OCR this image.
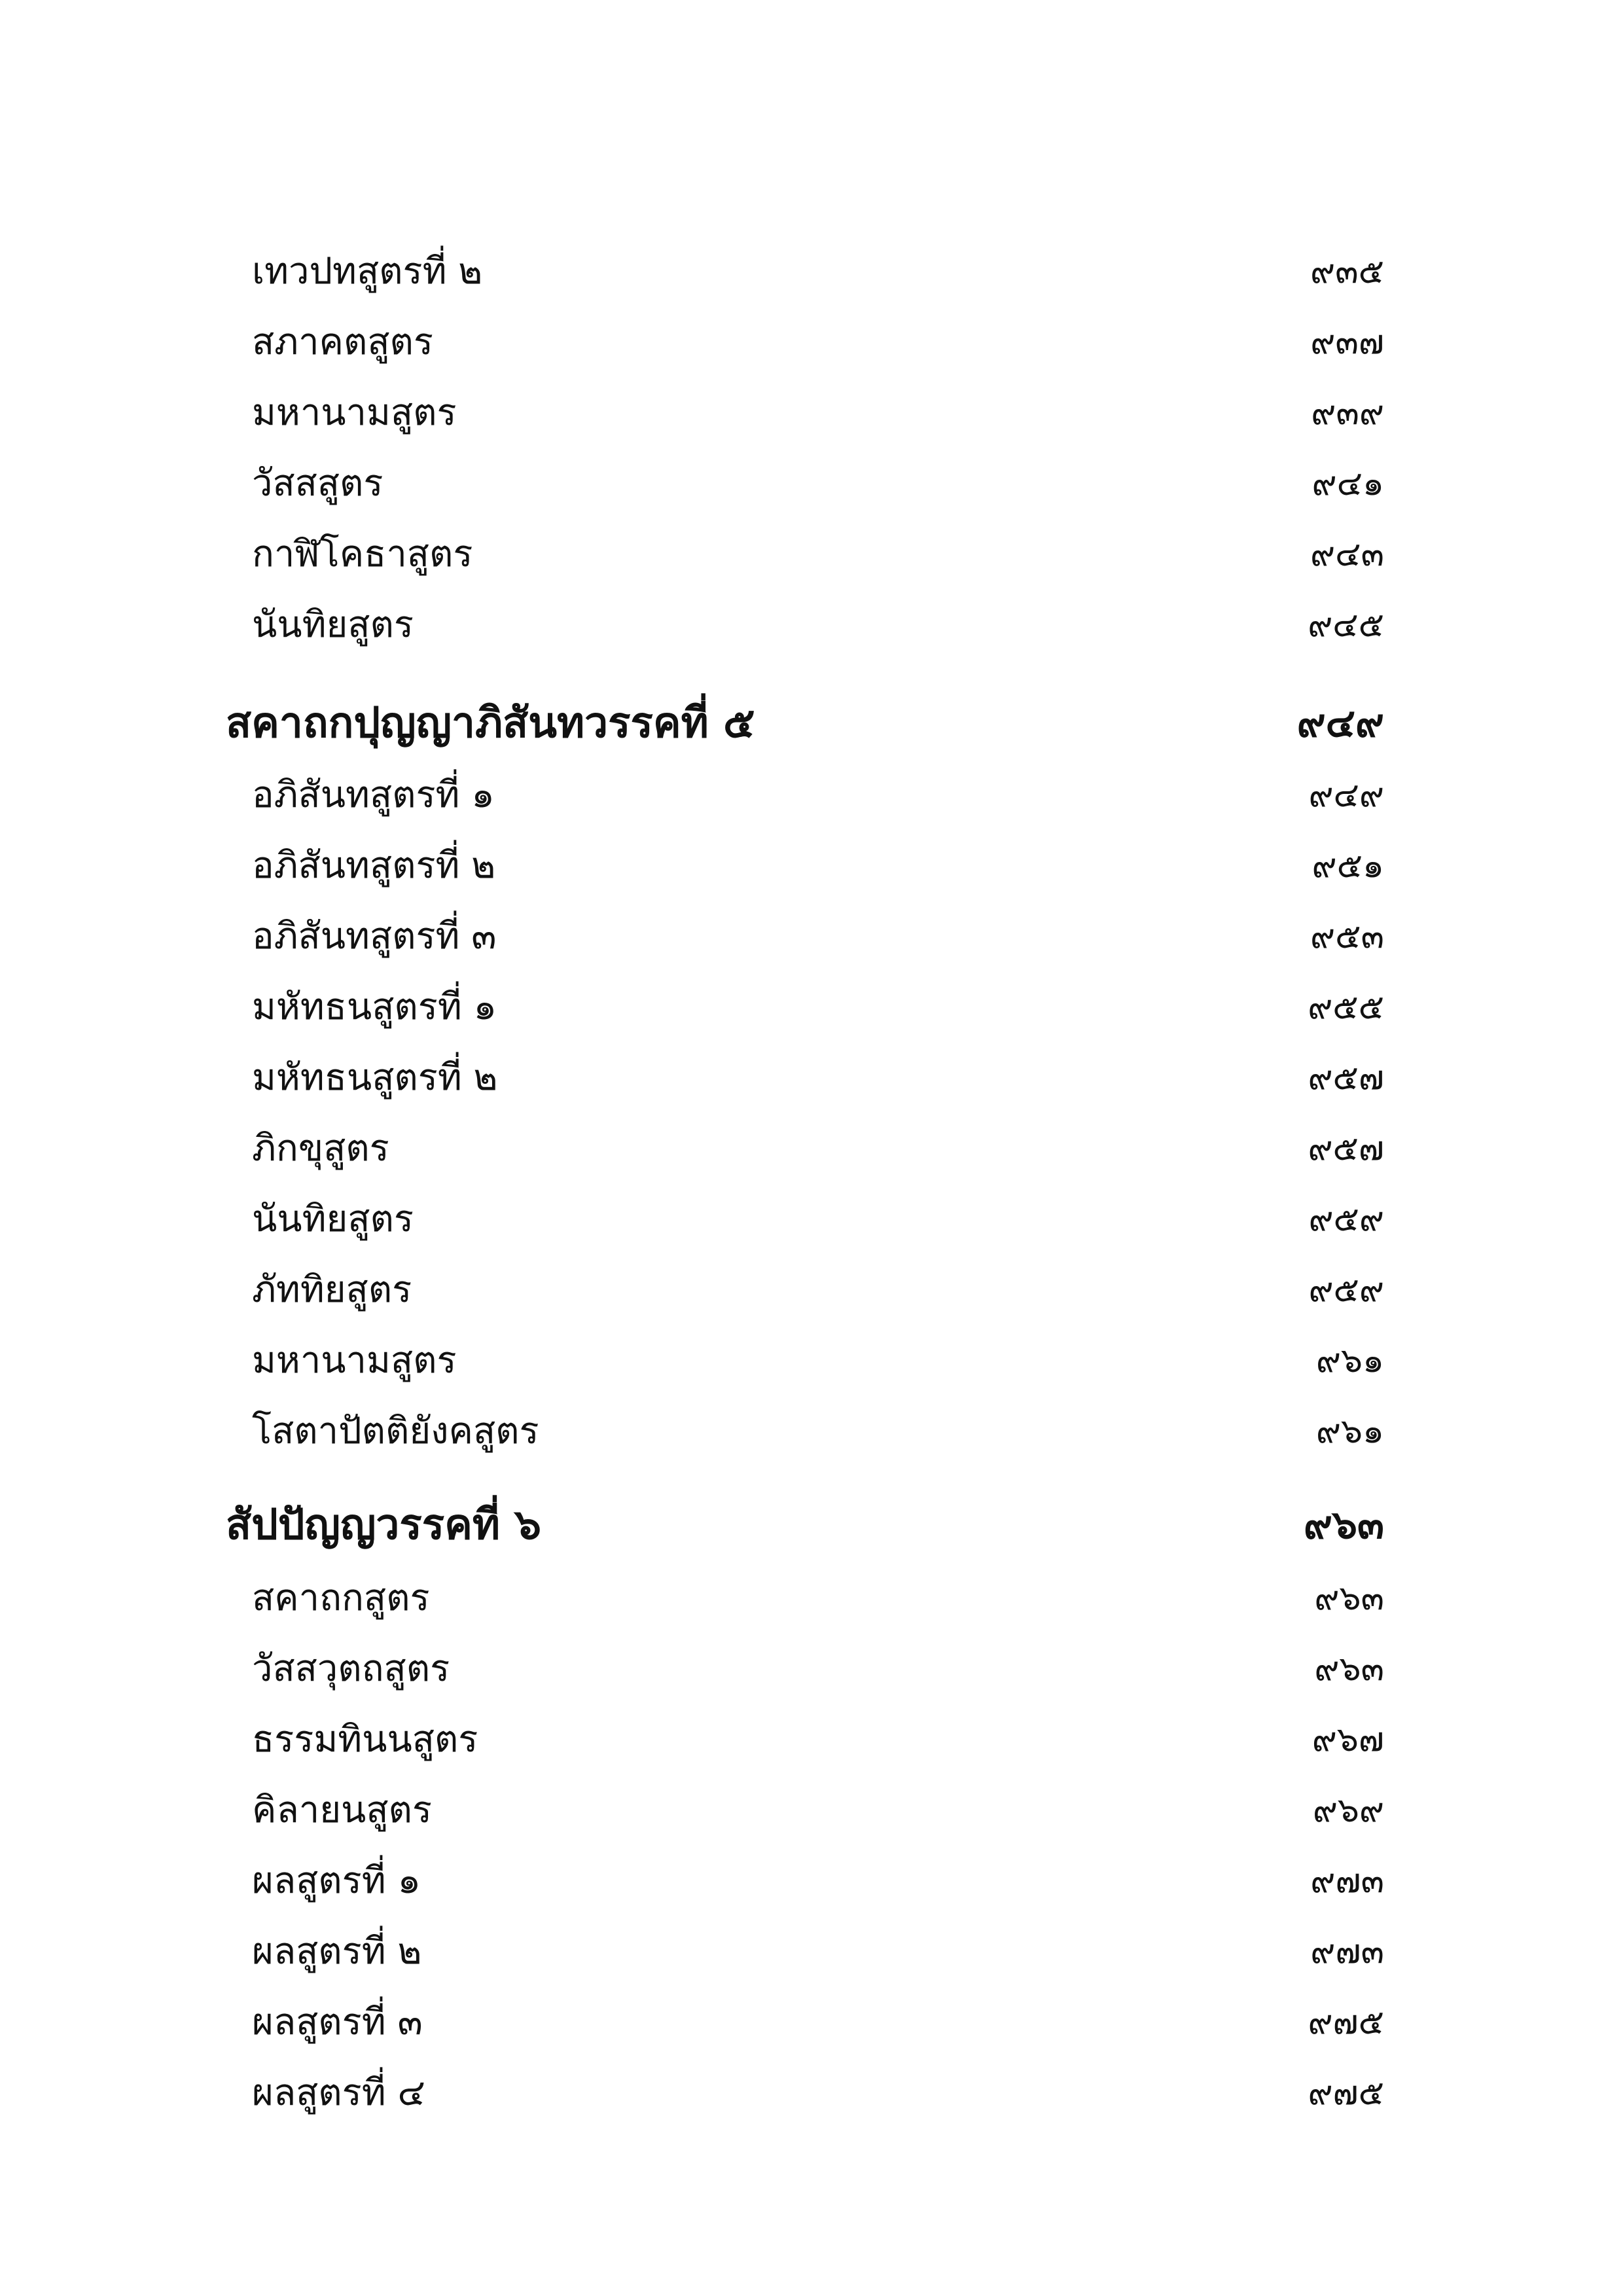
เทวปทสูตรที่ ๒	๙๓๕
สภาคตสูตร	๙๓๗
มหานามสูตร	๙๓๙
วัสสสูตร	๙๔๑
กาฬิโคธาสูตร	๙๔๓
นันทิยสูตร	๙๔๕
สคาถกปุญญาภิสันทวรรคที่ ๕	๙๔๙
อภิสันทสูตรที่ ๑	๙๔๙
อภิสันทสูตรที่ ๒	๙๕๑
อภิสันทสูตรที่ ๓	๙๕๓
มหัทธนสูตรที่ ๑	๙๕๕
มหัทธนสูตรที่ ๒	๙๕๗
ภิกขุสูตร	๙๕๗
นันทิยสูตร	๙๕๙
ภัททิยสูตร	๙๕๙
มหานามสูตร	๙๖๑
โสตาปัตติยังคสูตร	๙๖๑
สัปปัญญวรรคที่ ๖	๙๖๓
สคาถกสูตร	๙๖๓
วัสสวุตถสูตร	๙๖๓
ธรรมทินนสูตร	๙๖๗
คิลายนสูตร	๙๖๙
ผลสูตรที่ ๑	๙๗๓
ผลสูตรที่ ๒	๙๗๓
ผลสูตรที่ ๓	๙๗๕
ผลสูตรที่ ๔	๙๗๕
